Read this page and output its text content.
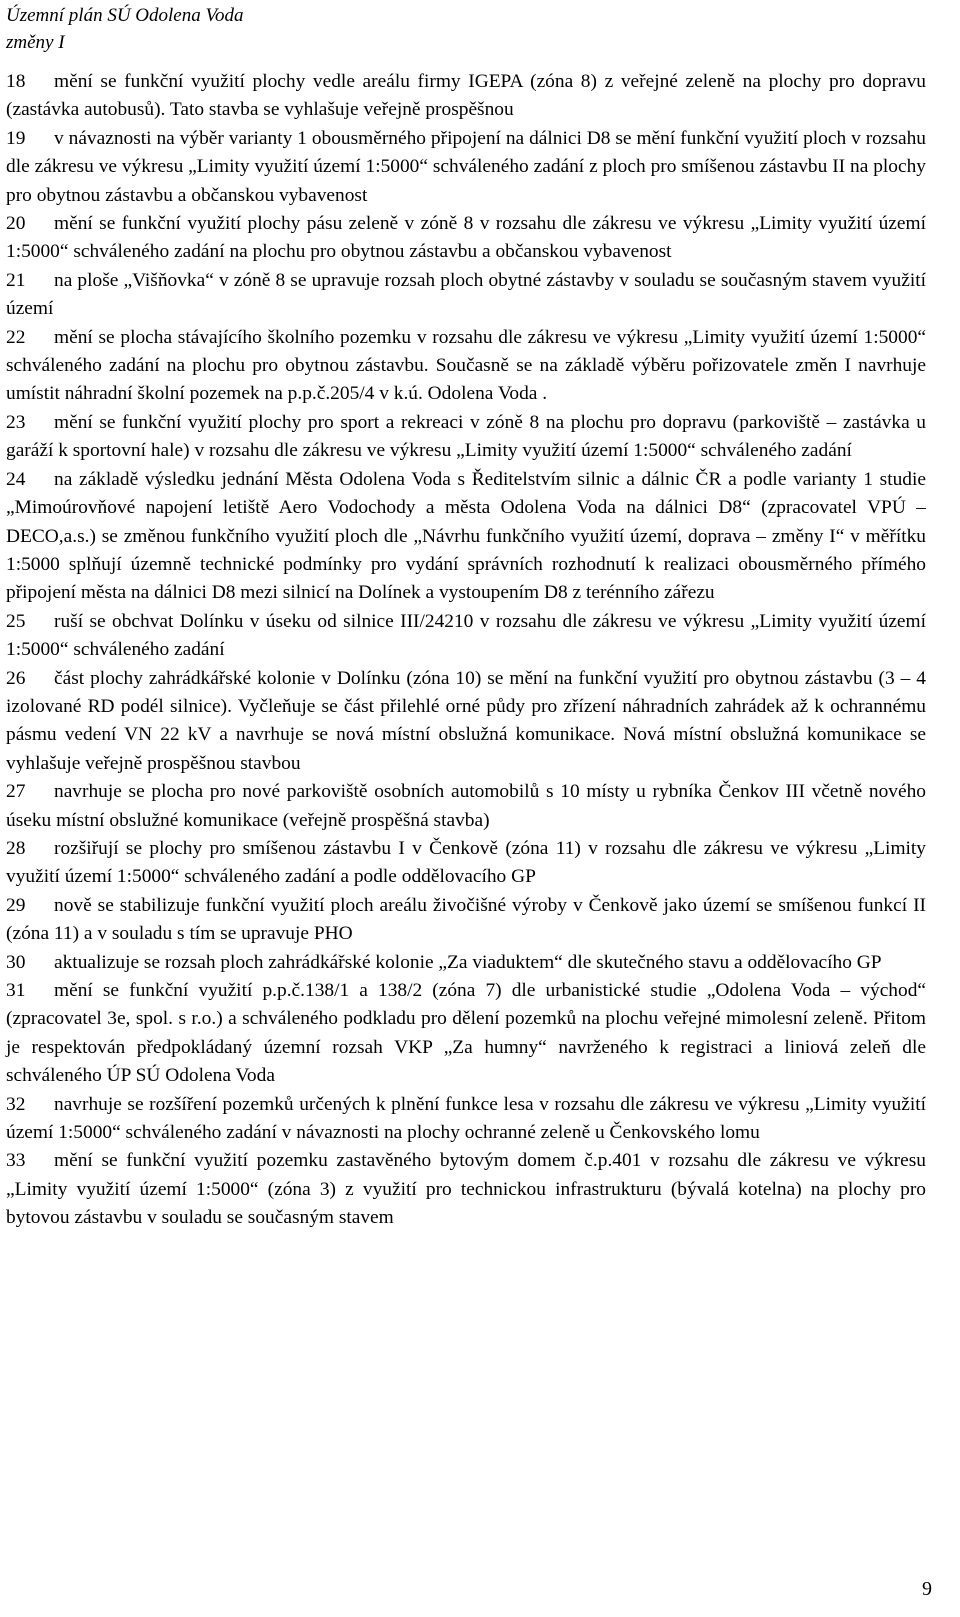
Územní plán SÚ Odolena Voda
změny I

18 mění se funkční využití plochy vedle areálu firmy IGEPA (zóna 8) z veřejné zeleně na plochy pro dopravu (zastávka autobusů). Tato stavba se vyhlašuje veřejně prospěšnou

19 v návaznosti na výběr varianty 1 obousměrného připojení na dálnici D8 se mění funkční využití ploch v rozsahu dle zákresu ve výkresu „Limity využití území 1:5000“ schváleného zadání z ploch pro smíšenou zástavbu II na plochy pro obytnou zástavbu a občanskou vybavenost

20 mění se funkční využití plochy pásu zeleně v zóně 8 v rozsahu dle zákresu ve výkresu „Limity využití území 1:5000“ schváleného zadání na plochu pro obytnou zástavbu a občanskou vybavenost

21 na ploše „Višňovka“ v zóně 8 se upravuje rozsah ploch obytné zástavby v souladu se současným stavem využití území

22 mění se plocha stávajícího školního pozemku v rozsahu dle zákresu ve výkresu „Limity využití území 1:5000“ schváleného zadání na plochu pro obytnou zástavbu. Současně se na základě výběru pořizovatele změn I navrhuje umístit náhradní školní pozemek na p.p.č.205/4 v k.ú. Odolena Voda .

23 mění se funkční využití plochy pro sport a rekreaci v zóně 8 na plochu pro dopravu (parkoviště – zastávka u garáží k sportovní hale) v rozsahu dle zákresu ve výkresu „Limity využití území 1:5000“ schváleného zadání

24 na základě výsledku jednání Města Odolena Voda s Ředitelstvím silnic a dálnic ČR a podle varianty 1 studie „Mimoúrovňové napojení letiště Aero Vodochody a města Odolena Voda na dálnici D8“ (zpracovatel VPÚ –DECO,a.s.) se změnou funkčního využití ploch dle „Návrhu funkčního využití území, doprava – změny I“ v měřítku 1:5000 splňují územně technické podmínky pro vydání správních rozhodnutí k realizaci obousměrného přímého připojení města na dálnici D8 mezi silnicí na Dolínek a vystoupením D8 z terénního zářezu

25 ruší se obchvat Dolínku v úseku od silnice III/24210 v rozsahu dle zákresu ve výkresu „Limity využití území 1:5000“ schváleného zadání

26 část plochy zahrádkářské kolonie v Dolínku (zóna 10) se mění na funkční využití pro obytnou zástavbu (3 – 4 izolované RD podél silnice). Vyčleňuje se část přilehlé orné půdy pro zřízení náhradních zahrádek až k ochrannému pásmu vedení VN 22 kV a navrhuje se nová místní obslužná komunikace. Nová místní obslužná komunikace se vyhlašuje veřejně prospěšnou stavbou

27 navrhuje se plocha pro nové parkoviště osobních automobilů s 10 místy u rybníka Čenkov III včetně nového úseku místní obslužné komunikace (veřejně prospěšná stavba)

28 rozšiřují se plochy pro smíšenou zástavbu I v Čenkově (zóna 11) v rozsahu dle zákresu ve výkresu „Limity využití území 1:5000“ schváleného zadání a podle oddělovacího GP

29 nově se stabilizuje funkční využití ploch areálu živočišné výroby v Čenkově jako území se smíšenou funkcí II (zóna 11) a v souladu s tím se upravuje PHO

30 aktualizuje se rozsah ploch zahrádkářské kolonie „Za viaduktem“ dle skutečného stavu a oddělovacího GP

31 mění se funkční využití p.p.č.138/1 a 138/2 (zóna 7) dle urbanistické studie „Odolena Voda – východ“ (zpracovatel 3e, spol. s r.o.) a schváleného podkladu pro dělení pozemků na plochu veřejné mimolesní zeleně. Přitom je respektován předpokládaný územní rozsah VKP „Za humny“ navrženého k registraci a liniová zeleň dle schváleného ÚP SÚ Odolena Voda

32 navrhuje se rozšíření pozemků určených k plnění funkce lesa v rozsahu dle zákresu ve výkresu „Limity využití území 1:5000“ schváleného zadání v návaznosti na plochy ochranné zeleně u Čenkovského lomu

33 mění se funkční využití pozemku zastavěného bytovým domem č.p.401 v rozsahu dle zákresu ve výkresu „Limity využití území 1:5000“ (zóna 3) z využití pro technickou infrastrukturu (bývalá kotelna) na plochy pro bytovou zástavbu v souladu se současným stavem

9
